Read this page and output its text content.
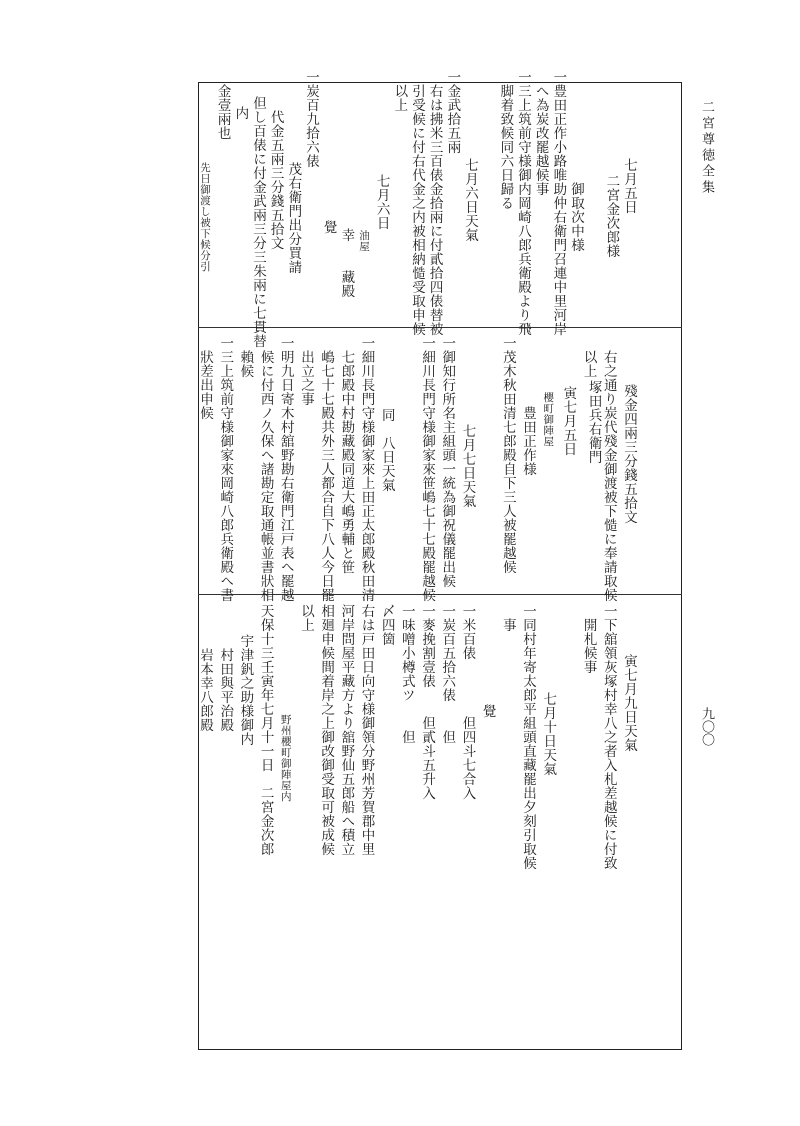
二宮尊徳全集
九〇〇
七月五日
二宮金次郎様
塚田兵右衛門
御取次中様
一豊田正作小路唯助仲右衛門召連中里河岸
へ為炭改罷越候事
一三上筑前守様御内岡崎八郎兵衛殿より飛
脚着致候同六日歸る
七月六日天氣
一金武拾五兩
右は拂米三百俵金拾兩に付貳拾四俵替被
引受候に付右代金之内被相納慥受取申候
以上
七月六日
油屋
幸　　藏殿
覺
一炭百九拾六俵
茂右衛門出分買請
代金五兩三分錢五拾文
但し百俵に付金武兩三分三朱兩に七貫替
内
金壹兩也
先日御渡し被下候分引
殘金四兩三分錢五拾文
右之通り炭代殘金御渡被下慥に奉請取候
以上
寅七月五日
櫻町御陣屋
豊田正作様
一茂木秋田清七郎殿自下三人被罷越候
七月七日天氣
一御知行所名主組頭一統為御祝儀罷出候
一細川長門守様御家來笹嶋七十七殿罷越候
同　八日天氣
一細川長門守様御家來上田正太郎殿秋田清
七郎殿中村勘藏殿同道大嶋勇輔と笹
嶋七十七殿共外三人都合自下八人今日罷
出立之事
一明九日寄木村舘野勘右衛門江戸表へ罷越
候に付西ノ久保へ諸勘定取通帳並書狀相
賴候
一三上筑前守様御家來岡崎八郎兵衛殿へ書
狀差出申候
寅七月九日天氣
一下舘領灰塚村幸八之者入札差越候に付致
開札候事
七月十日天氣
一同村年寄太郎平組頭直藏罷出夕刻引取候
事
覺
一米百俵　　　　但四斗七合入
一炭百五拾六俵　　但
一麥挽割壹俵　　但貳斗五升入
一味噌小樽式ツ　　但
〆四箇
右は戸田日向守様御領分野州芳賀郡中里
河岸問屋平藏方より舘野仙五郎船へ積立
相廻申候間着岸之上御改御受取可被成候
以上
野州櫻町御陣屋内
天保十三壬寅年七月十一日　二宮金次郎
宇津釩之助様御内
村田與平治殿
岩本幸八郎殿
